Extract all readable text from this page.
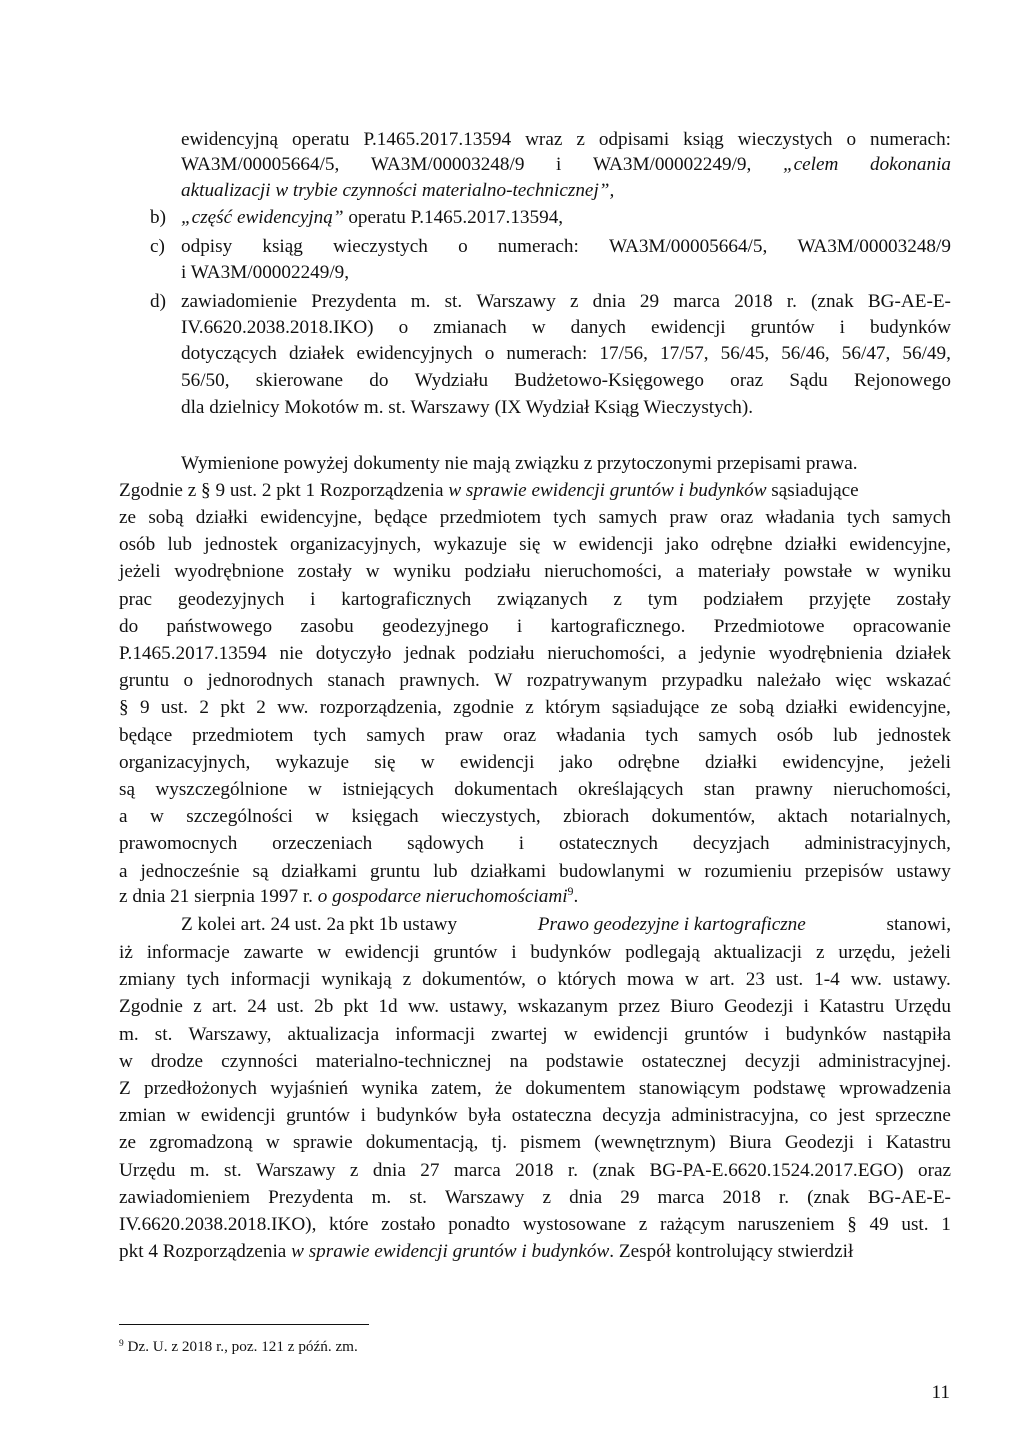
ewidencyjną operatu P.1465.2017.13594 wraz z odpisami ksiąg wieczystych o numerach:
WA3M/00005664/5, WA3M/00003248/9 i WA3M/00002249/9, „celem dokonania
aktualizacji w trybie czynności materialno-technicznej”,
b) „część ewidencyjną” operatu P.1465.2017.13594,
c) odpisy ksiąg wieczystych o numerach: WA3M/00005664/5, WA3M/00003248/9
i WA3M/00002249/9,
d) zawiadomienie Prezydenta m. st. Warszawy z dnia 29 marca 2018 r. (znak BG-AE-E-
IV.6620.2038.2018.IKO) o zmianach w danych ewidencji gruntów i budynków
dotyczących działek ewidencyjnych o numerach: 17/56, 17/57, 56/45, 56/46, 56/47, 56/49,
56/50, skierowane do Wydziału Budżetowo-Księgowego oraz Sądu Rejonowego
dla dzielnicy Mokotów m. st. Warszawy (IX Wydział Ksiąg Wieczystych).
Wymienione powyżej dokumenty nie mają związku z przytoczonymi przepisami prawa.
Zgodnie z § 9 ust. 2 pkt 1 Rozporządzenia w sprawie ewidencji gruntów i budynków sąsiadujące
ze sobą działki ewidencyjne, będące przedmiotem tych samych praw oraz władania tych samych
osób lub jednostek organizacyjnych, wykazuje się w ewidencji jako odrębne działki ewidencyjne,
jeżeli wyodrębnione zostały w wyniku podziału nieruchomości, a materiały powstałe w wyniku
prac geodezyjnych i kartograficznych związanych z tym podziałem przyjęte zostały
do państwowego zasobu geodezyjnego i kartograficznego. Przedmiotowe opracowanie
P.1465.2017.13594 nie dotyczyło jednak podziału nieruchomości, a jedynie wyodrębnienia działek
gruntu o jednorodnych stanach prawnych. W rozpatrywanym przypadku należało więc wskazać
§ 9 ust. 2 pkt 2 ww. rozporządzenia, zgodnie z którym sąsiadujące ze sobą działki ewidencyjne,
będące przedmiotem tych samych praw oraz władania tych samych osób lub jednostek
organizacyjnych, wykazuje się w ewidencji jako odrębne działki ewidencyjne, jeżeli
są wyszczególnione w istniejących dokumentach określających stan prawny nieruchomości,
a w szczególności w księgach wieczystych, zbiorach dokumentów, aktach notarialnych,
prawomocnych orzeczeniach sądowych i ostatecznych decyzjach administracyjnych,
a jednocześnie są działkami gruntu lub działkami budowlanymi w rozumieniu przepisów ustawy
z dnia 21 sierpnia 1997 r. o gospodarce nieruchomościami$^9$.
Z kolei art. 24 ust. 2a pkt 1b ustawy	Prawo geodezyjne i kartograficzne	stanowi,
iż informacje zawarte w ewidencji gruntów i budynków podlegają aktualizacji z urzędu, jeżeli
zmiany tych informacji wynikają z dokumentów, o których mowa w art. 23 ust. 1-4 ww. ustawy.
Zgodnie z art. 24 ust. 2b pkt 1d ww. ustawy, wskazanym przez Biuro Geodezji i Katastru Urzędu
m. st. Warszawy, aktualizacja informacji zwartej w ewidencji gruntów i budynków nastąpiła
w drodze czynności materialno-technicznej na podstawie ostatecznej decyzji administracyjnej.
Z przedłożonych wyjaśnień wynika zatem, że dokumentem stanowiącym podstawę wprowadzenia
zmian w ewidencji gruntów i budynków była ostateczna decyzja administracyjna, co jest sprzeczne
ze zgromadzoną w sprawie dokumentacją, tj. pismem (wewnętrznym) Biura Geodezji i Katastru
Urzędu m. st. Warszawy z dnia 27 marca 2018 r. (znak BG-PA-E.6620.1524.2017.EGO) oraz
zawiadomieniem Prezydenta m. st. Warszawy z dnia 29 marca 2018 r. (znak BG-AE-E-
IV.6620.2038.2018.IKO), które zostało ponadto wystosowane z rażącym naruszeniem § 49 ust. 1
pkt 4 Rozporządzenia w sprawie ewidencji gruntów i budynków. Zespół kontrolujący stwierdził
$^9$ Dz. U. z 2018 r., poz. 121 z późń. zm.
11
